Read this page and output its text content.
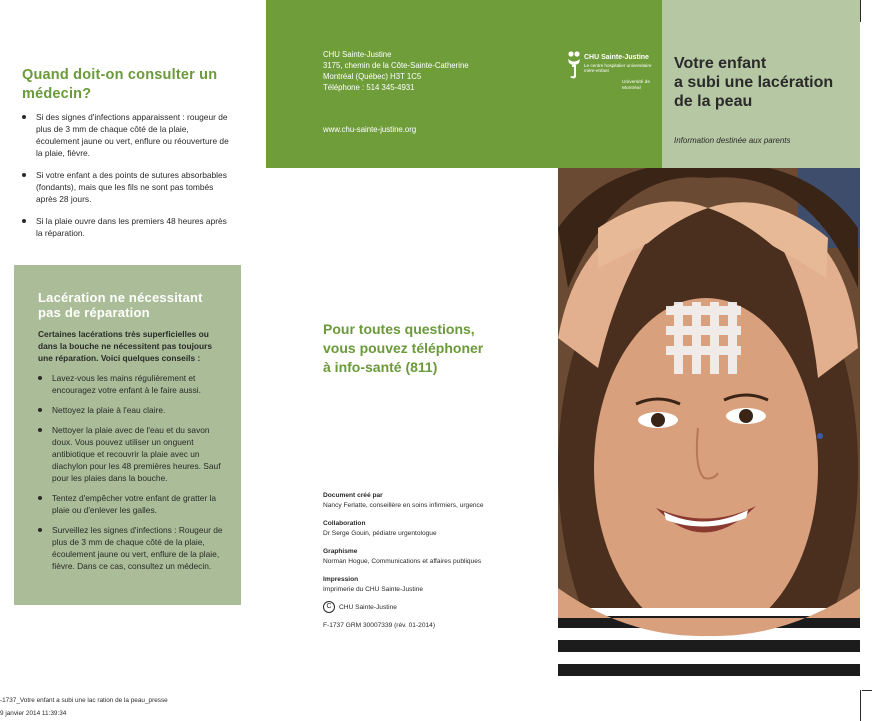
Quand doit-on consulter un médecin?
Si des signes d'infections apparaissent : rougeur de plus de 3 mm de chaque côté de la plaie, écoulement jaune ou vert, enflure ou réouverture de la plaie, fièvre.
Si votre enfant a des points de sutures absorbables (fondants), mais que les fils ne sont pas tombés après 28 jours.
Si la plaie ouvre dans les premiers 48 heures après la réparation.
Lacération ne nécessitant pas de réparation
Certaines lacérations très superficielles ou dans la bouche ne nécessitent pas toujours une réparation. Voici quelques conseils :
Lavez-vous les mains régulièrement et encouragez votre enfant à le faire aussi.
Nettoyez la plaie à l'eau claire.
Nettoyer la plaie avec de l'eau et du savon doux. Vous pouvez utiliser un onguent antibiotique et recouvrir la plaie avec un diachylon pour les 48 premières heures. Sauf pour les plaies dans la bouche.
Tentez d'empêcher votre enfant de gratter la plaie ou d'enlever les galles.
Surveillez les signes d'infections : Rougeur de plus de 3 mm de chaque côté de la plaie, écoulement jaune ou vert, enflure de la plaie, fièvre. Dans ce cas, consultez un médecin.
CHU Sainte-Justine
3175, chemin de la Côte-Sainte-Catherine
Montréal (Québec) H3T 1C5
Téléphone : 514 345-4931
www.chu-sainte-justine.org
CHU Sainte-Justine
Le centre hospitalier universitaire mère-enfant
Université de Montréal
Votre enfant
a subi une lacération
de la peau
Information destinée aux parents
Pour toutes questions,
vous pouvez téléphoner
à info-santé (811)
Document créé par
Nancy Ferlatte, conseillère en soins infirmiers, urgence
Collaboration
Dr Serge Gouin, pédiatre urgentologue
Graphisme
Norman Hogue, Communications et affaires publiques
Impression
Imprimerie du CHU Sainte-Justine
C	CHU Sainte-Justine
F-1737 GRM 30007339 (rév. 01-2014)
-1737_Votre enfant a subi une lac ration de la peau_presse
9 janvier 2014 11:39:34
